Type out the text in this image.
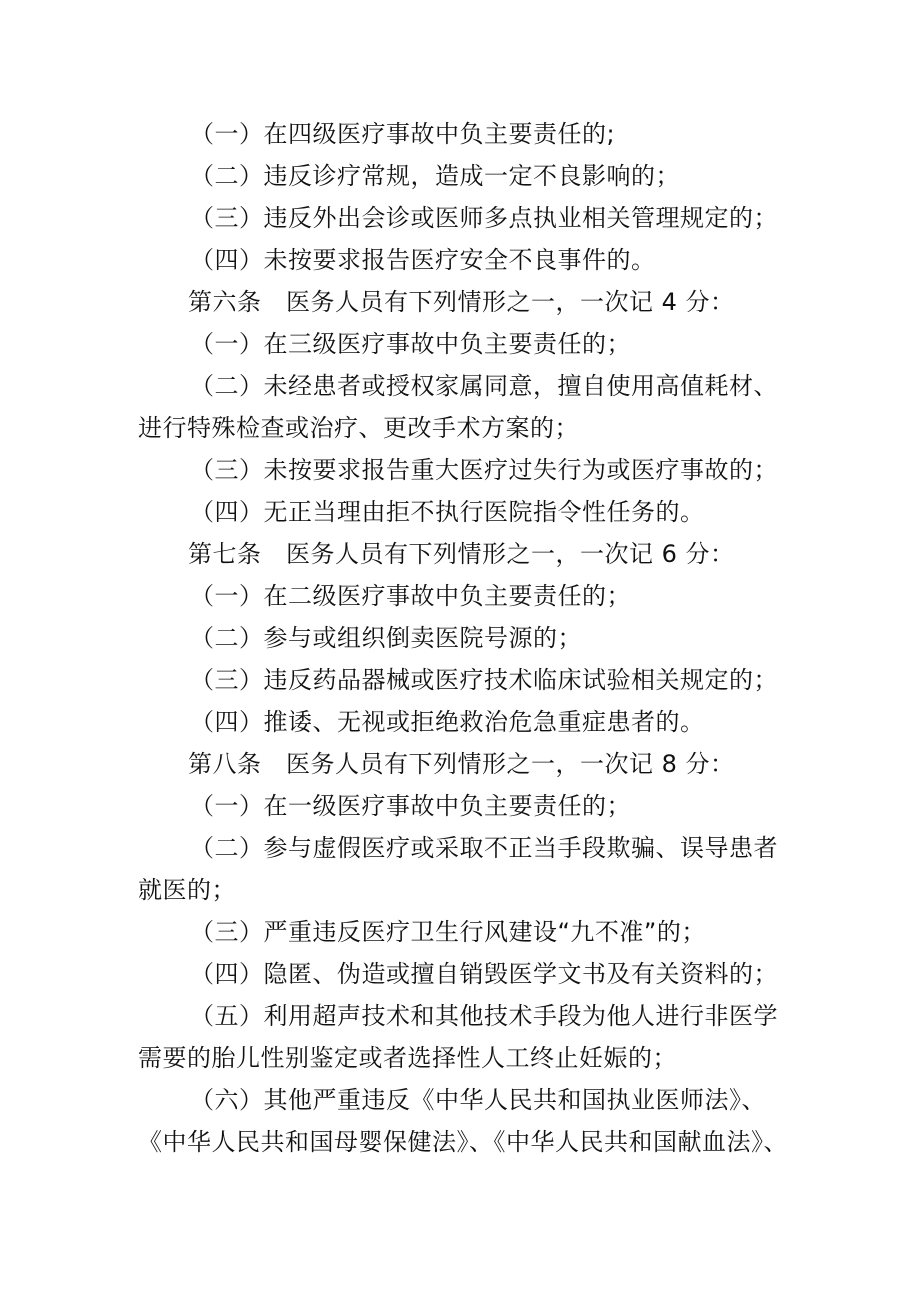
（一）在四级医疗事故中负主要责任的;
（二）违反诊疗常规，造成一定不良影响的；
（三）违反外出会诊或医师多点执业相关管理规定的；
（四）未按要求报告医疗安全不良事件的。
第六条　医务人员有下列情形之一，一次记 4 分：
（一）在三级医疗事故中负主要责任的；
（二）未经患者或授权家属同意，擅自使用高值耗材、
进行特殊检查或治疗、更改手术方案的；
（三）未按要求报告重大医疗过失行为或医疗事故的；
（四）无正当理由拒不执行医院指令性任务的。
第七条　医务人员有下列情形之一，一次记 6 分：
（一）在二级医疗事故中负主要责任的；
（二）参与或组织倒卖医院号源的；
（三）违反药品器械或医疗技术临床试验相关规定的；
（四）推诿、无视或拒绝救治危急重症患者的。
第八条　医务人员有下列情形之一，一次记 8 分：
（一）在一级医疗事故中负主要责任的；
（二）参与虚假医疗或采取不正当手段欺骗、误导患者
就医的；
（三）严重违反医疗卫生行风建设“九不准”的；
（四）隐匿、伪造或擅自销毁医学文书及有关资料的；
（五）利用超声技术和其他技术手段为他人进行非医学
需要的胎儿性别鉴定或者选择性人工终止妊娠的；
（六）其他严重违反《中华人民共和国执业医师法》、
《中华人民共和国母婴保健法》、《中华人民共和国献血法》、
